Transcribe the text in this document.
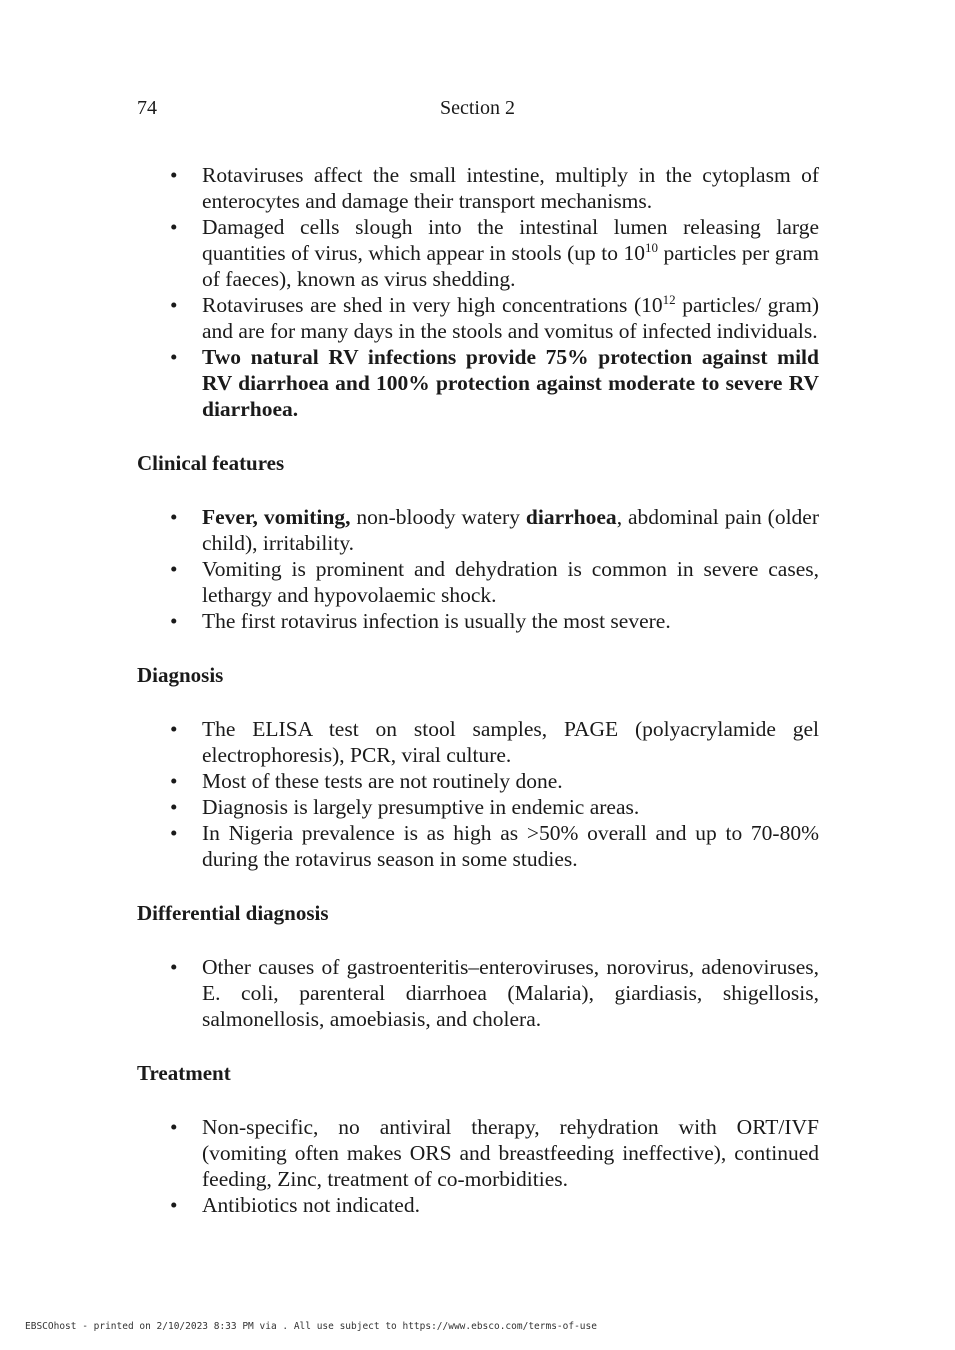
74	Section 2
• Rotaviruses affect the small intestine, multiply in the cytoplasm of enterocytes and damage their transport mechanisms.
• Damaged cells slough into the intestinal lumen releasing large quantities of virus, which appear in stools (up to $10^{10}$ particles per gram of faeces), known as virus shedding.
• Rotaviruses are shed in very high concentrations ($10^{12}$ particles/ gram) and are for many days in the stools and vomitus of infected individuals.
• Two natural RV infections provide 75% protection against mild RV diarrhoea and 100% protection against moderate to severe RV diarrhoea.
Clinical features
• Fever, vomiting, non-bloody watery diarrhoea, abdominal pain (older child), irritability.
• Vomiting is prominent and dehydration is common in severe cases, lethargy and hypovolaemic shock.
• The first rotavirus infection is usually the most severe.
Diagnosis
• The ELISA test on stool samples, PAGE (polyacrylamide gel electrophoresis), PCR, viral culture.
• Most of these tests are not routinely done.
• Diagnosis is largely presumptive in endemic areas.
• In Nigeria prevalence is as high as >50% overall and up to 70-80% during the rotavirus season in some studies.
Differential diagnosis
• Other causes of gastroenteritis–enteroviruses, norovirus, adenoviruses, E. coli, parenteral diarrhoea (Malaria), giardiasis, shigellosis, salmonellosis, amoebiasis, and cholera.
Treatment
• Non-specific, no antiviral therapy, rehydration with ORT/IVF (vomiting often makes ORS and breastfeeding ineffective), continued feeding, Zinc, treatment of co-morbidities.
• Antibiotics not indicated.
EBSCOhost - printed on 2/10/2023 8:33 PM via . All use subject to https://www.ebsco.com/terms-of-use
